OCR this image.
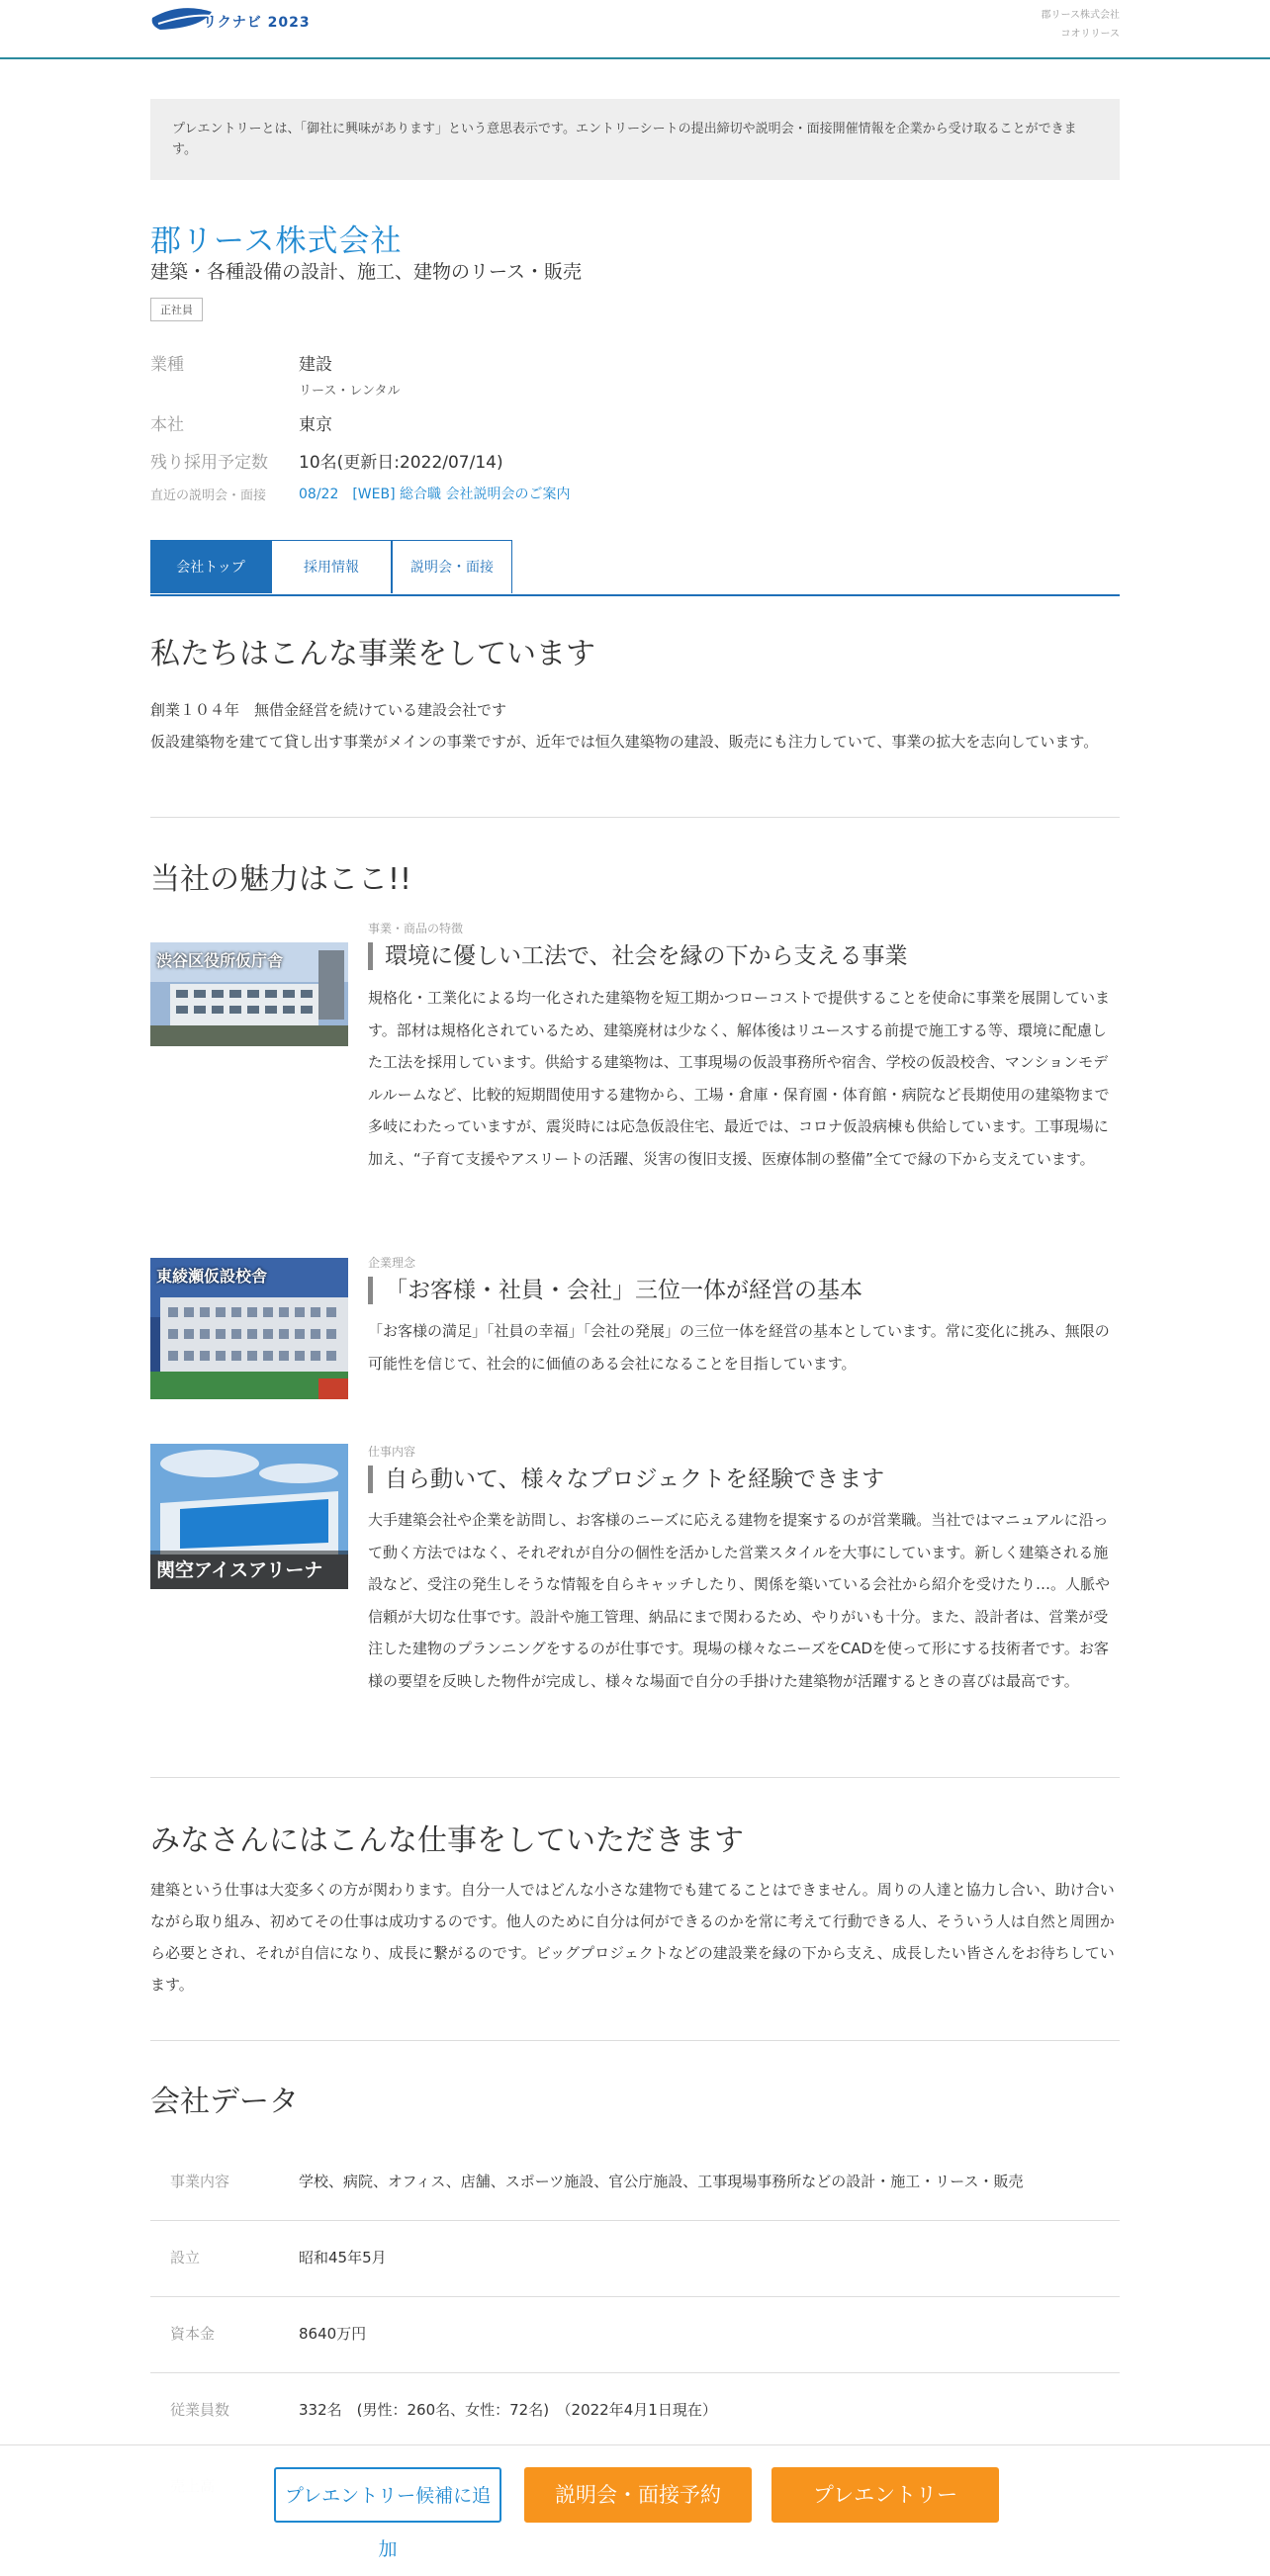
リクナビ 2023	郡リース株式会社
コオリリース
プレエントリーとは、「御社に興味があります」という意思表示です。エントリーシートの提出締切や説明会・面接開催情報を企業から受け取ることができます。
郡リース株式会社
建築・各種設備の設計、施工、建物のリース・販売
正社員
業種	建設
リース・レンタル
本社	東京
残り採用予定数 10名(更新日:2022/07/14)
直近の説明会・面接 08/22　[WEB] 総合職 会社説明会のご案内
会社トップ	採用情報	説明会・面接
私たちはこんな事業をしています
創業１０４年　無借金経営を続けている建設会社です
仮設建築物を建てて貸し出す事業がメインの事業ですが、近年では恒久建築物の建設、販売にも注力していて、事業の拡大を志向しています。
当社の魅力はここ!!
渋谷区役所仮庁舎
事業・商品の特徴
環境に優しい工法で、社会を縁の下から支える事業
規格化・工業化による均一化された建築物を短工期かつローコストで提供することを使命に事業を展開しています。部材は規格化されているため、建築廃材は少なく、解体後はリユースする前提で施工する等、環境に配慮した工法を採用しています。供給する建築物は、工事現場の仮設事務所や宿舎、学校の仮設校舎、マンションモデルルームなど、比較的短期間使用する建物から、工場・倉庫・保育園・体育館・病院など長期使用の建築物まで多岐にわたっていますが、震災時には応急仮設住宅、最近では、コロナ仮設病棟も供給しています。工事現場に加え、“子育て支援やアスリートの活躍、災害の復旧支援、医療体制の整備”全てで縁の下から支えています。
東綾瀬仮設校舎
企業理念
「お客様・社員・会社」三位一体が経営の基本
「お客様の満足」「社員の幸福」「会社の発展」の三位一体を経営の基本としています。常に変化に挑み、無限の可能性を信じて、社会的に価値のある会社になることを目指しています。
関空アイスアリーナ
仕事内容
自ら動いて、様々なプロジェクトを経験できます
大手建築会社や企業を訪問し、お客様のニーズに応える建物を提案するのが営業職。当社ではマニュアルに沿って動く方法ではなく、それぞれが自分の個性を活かした営業スタイルを大事にしています。新しく建築される施設など、受注の発生しそうな情報を自らキャッチしたり、関係を築いている会社から紹介を受けたり…。人脈や信頼が大切な仕事です。設計や施工管理、納品にまで関わるため、やりがいも十分。また、設計者は、営業が受注した建物のプランニングをするのが仕事です。現場の様々なニーズをCADを使って形にする技術者です。お客様の要望を反映した物件が完成し、様々な場面で自分の手掛けた建築物が活躍するときの喜びは最高です。
みなさんにはこんな仕事をしていただきます
建築という仕事は大変多くの方が関わります。自分一人ではどんな小さな建物でも建てることはできません。周りの人達と協力し合い、助け合いながら取り組み、初めてその仕事は成功するのです。他人のために自分は何ができるのかを常に考えて行動できる人、そういう人は自然と周囲から必要とされ、それが自信になり、成長に繋がるのです。ビッグプロジェクトなどの建設業を縁の下から支え、成長したい皆さんをお待ちしています。
会社データ
事業内容	学校、病院、オフィス、店舗、スポーツ施設、官公庁施設、工事現場事務所などの設計・施工・リース・販売
設立	昭和45年5月
資本金	8640万円
従業員数	332名　(男性：260名、女性：72名)　（2022年4月1日現在）
プレエントリー候補に追加
説明会・面接予約	プレエントリー
